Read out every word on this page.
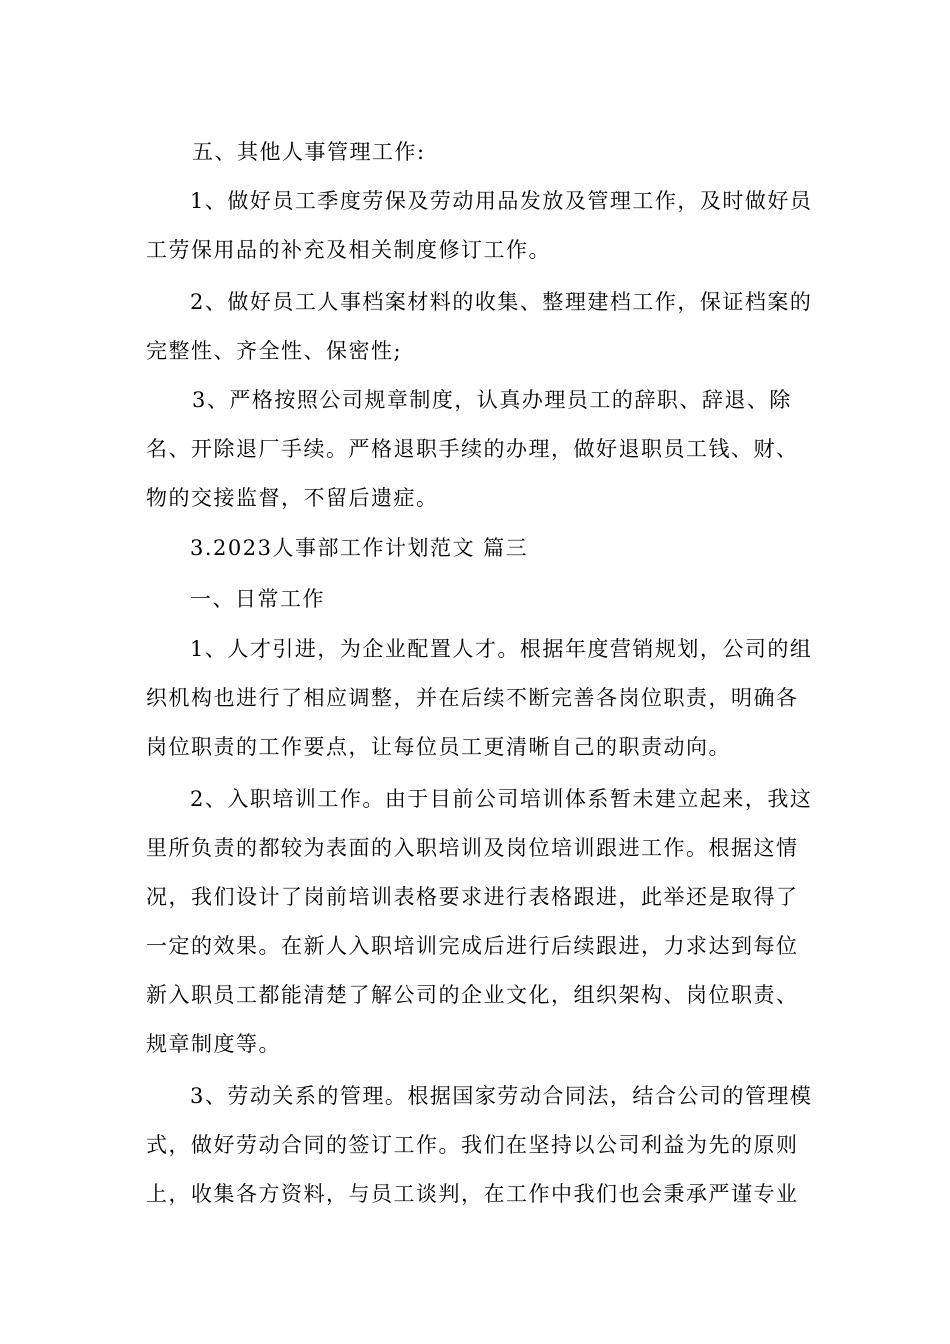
五、其他人事管理工作:
1、做好员工季度劳保及劳动用品发放及管理工作，及时做好员
工劳保用品的补充及相关制度修订工作。
2、做好员工人事档案材料的收集、整理建档工作，保证档案的
完整性、齐全性、保密性;
3、严格按照公司规章制度，认真办理员工的辞职、辞退、除
名、开除退厂手续。严格退职手续的办理，做好退职员工钱、财、
物的交接监督，不留后遗症。
3.2023人事部工作计划范文 篇三
一、日常工作
1、人才引进，为企业配置人才。根据年度营销规划，公司的组
织机构也进行了相应调整，并在后续不断完善各岗位职责，明确各
岗位职责的工作要点，让每位员工更清晰自己的职责动向。
2、入职培训工作。由于目前公司培训体系暂未建立起来，我这
里所负责的都较为表面的入职培训及岗位培训跟进工作。根据这情
况，我们设计了岗前培训表格要求进行表格跟进，此举还是取得了
一定的效果。在新人入职培训完成后进行后续跟进，力求达到每位
新入职员工都能清楚了解公司的企业文化，组织架构、岗位职责、
规章制度等。
3、劳动关系的管理。根据国家劳动合同法，结合公司的管理模
式，做好劳动合同的签订工作。我们在坚持以公司利益为先的原则
上，收集各方资料，与员工谈判，在工作中我们也会秉承严谨专业
